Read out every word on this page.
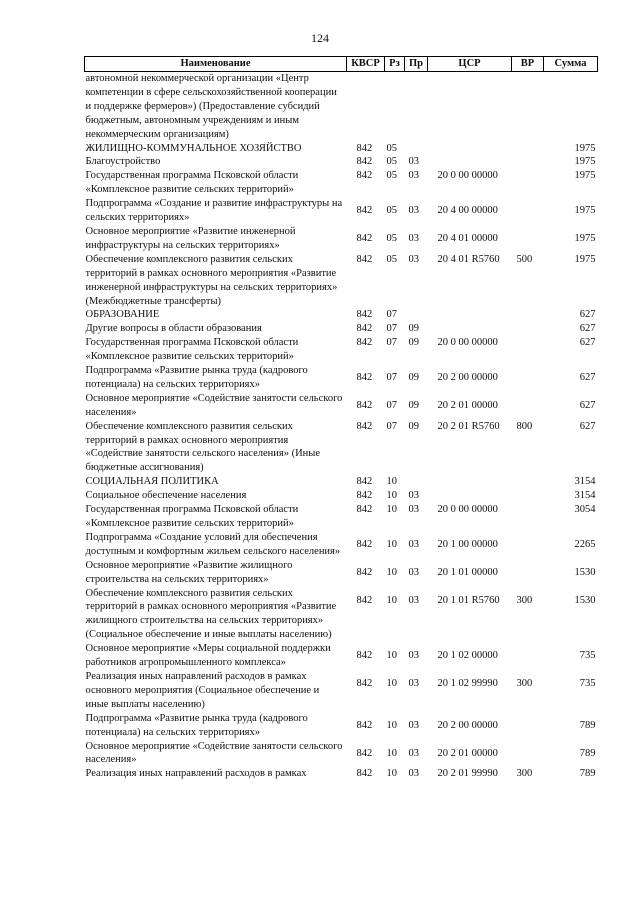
124
Наименование	КВСР	Рз	Пр	ЦСР	ВР	Сумма
автономной некоммерческой организации «Центр компетенции в сфере сельскохозяйственной кооперации и поддержке фермеров») (Предоставление субсидий бюджетным, автономным учреждениям и иным некоммерческим организациям)						
ЖИЛИЩНО-КОММУНАЛЬНОЕ ХОЗЯЙСТВО	842	05				1975
Благоустройство	842	05	03			1975
Государственная программа Псковской области «Комплексное развитие сельских территорий»	842	05	03	20 0 00 00000		1975
Подпрограмма «Создание и развитие инфраструктуры на сельских территориях»	842	05	03	20 4 00 00000		1975
Основное мероприятие «Развитие инженерной инфраструктуры на сельских территориях»	842	05	03	20 4 01 00000		1975
Обеспечение комплексного развития сельских территорий в рамках основного мероприятия «Развитие инженерной инфраструктуры на сельских территориях» (Межбюджетные трансферты)	842	05	03	20 4 01 R5760	500	1975
ОБРАЗОВАНИЕ	842	07				627
Другие вопросы в области образования	842	07	09			627
Государственная программа Псковской области «Комплексное развитие сельских территорий»	842	07	09	20 0 00 00000		627
Подпрограмма «Развитие рынка труда (кадрового потенциала) на сельских территориях»	842	07	09	20 2 00 00000		627
Основное мероприятие «Содействие занятости сельского населения»	842	07	09	20 2 01 00000		627
Обеспечение комплексного развития сельских территорий в рамках основного мероприятия «Содействие занятости сельского населения» (Иные бюджетные ассигнования)	842	07	09	20 2 01 R5760	800	627
СОЦИАЛЬНАЯ ПОЛИТИКА	842	10				3154
Социальное обеспечение населения	842	10	03			3154
Государственная программа Псковской области «Комплексное развитие сельских территорий»	842	10	03	20 0 00 00000		3054
Подпрограмма «Создание условий для обеспечения доступным и комфортным жильем сельского населения»	842	10	03	20 1 00 00000		2265
Основное мероприятие «Развитие жилищного строительства на сельских территориях»	842	10	03	20 1 01 00000		1530
Обеспечение комплексного развития сельских территорий в рамках основного мероприятия «Развитие жилищного строительства на сельских территориях» (Социальное обеспечение и иные выплаты населению)	842	10	03	20 1 01 R5760	300	1530
Основное мероприятие «Меры социальной поддержки работников агропромышленного комплекса»	842	10	03	20 1 02 00000		735
Реализация иных направлений расходов в рамках основного мероприятия (Социальное обеспечение и иные выплаты населению)	842	10	03	20 1 02 99990	300	735
Подпрограмма «Развитие рынка труда (кадрового потенциала) на сельских территориях»	842	10	03	20 2 00 00000		789
Основное мероприятие «Содействие занятости сельского населения»	842	10	03	20 2 01 00000		789
Реализация иных направлений расходов в рамках	842	10	03	20 2 01 99990	300	789
